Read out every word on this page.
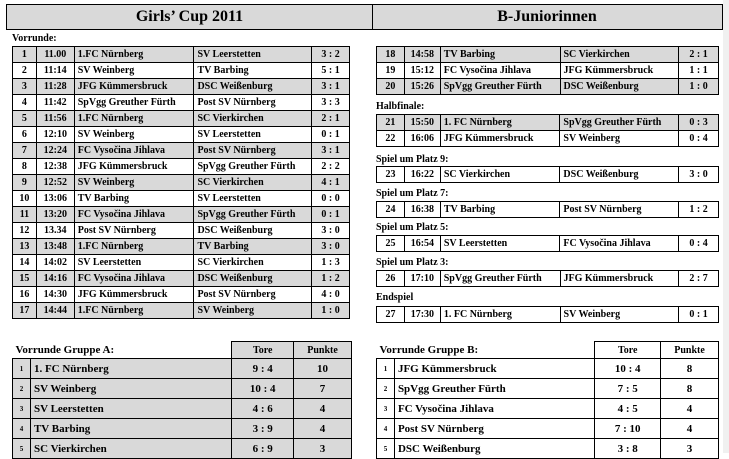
Girls’ Cup 2011	B-Juniorinnen
Vorrunde:
1	11.00	1.FC Nürnberg	SV Leerstetten	3 : 2
2	11:14	SV Weinberg	TV Barbing	5 : 1
3	11:28	JFG Kümmersbruck	DSC Weißenburg	3 : 1
4	11:42	SpVgg Greuther Fürth	Post SV Nürnberg	3 : 3
5	11:56	1.FC Nürnberg	SC Vierkirchen	2 : 1
6	12:10	SV Weinberg	SV Leerstetten	0 : 1
7	12:24	FC Vysočina Jihlava	Post SV Nürnberg	3 : 1
8	12:38	JFG Kümmersbruck	SpVgg Greuther Fürth	2 : 2
9	12:52	SV Weinberg	SC Vierkirchen	4 : 1
10	13:06	TV Barbing	SV Leerstetten	0 : 0
11	13:20	FC Vysočina Jihlava	SpVgg Greuther Fürth	0 : 1
12	13.34	Post SV Nürnberg	DSC Weißenburg	3 : 0
13	13:48	1.FC Nürnberg	TV Barbing	3 : 0
14	14:02	SV Leerstetten	SC Vierkirchen	1 : 3
15	14:16	FC Vysočina Jihlava	DSC Weißenburg	1 : 2
16	14:30	JFG Kümmersbruck	Post SV Nürnberg	4 : 0
17	14:44	1.FC Nürnberg	SV Weinberg	1 : 0
18	14:58	TV Barbing	SC Vierkirchen	2 : 1
19	15:12	FC Vysočina Jihlava	JFG Kümmersbruck	1 : 1
20	15:26	SpVgg Greuther Fürth	DSC Weißenburg	1 : 0
Halbfinale:
21	15:50	1. FC Nürnberg	SpVgg Greuther Fürth	0 : 3
22	16:06	JFG Kümmersbruck	SV Weinberg	0 : 4
Spiel um Platz 9:
23	16:22	SC Vierkirchen	DSC Weißenburg	3 : 0
Spiel um Platz 7:
24	16:38	TV Barbing	Post SV Nürnberg	1 : 2
Spiel um Platz 5:
25	16:54	SV Leerstetten	FC Vysočina Jihlava	0 : 4
Spiel um Platz 3:
26	17:10	SpVgg Greuther Fürth	JFG Kümmersbruck	2 : 7
Endspiel
27	17:30	1. FC Nürnberg	SV Weinberg	0 : 1
Vorrunde Gruppe A:		Tore	Punkte
1	1. FC Nürnberg	9 : 4	10
2	SV Weinberg	10 : 4	7
3	SV Leerstetten	4 : 6	4
4	TV Barbing	3 : 9	4
5	SC Vierkirchen	6 : 9	3
Vorrunde Gruppe B:		Tore	Punkte
1	JFG Kümmersbruck	10 : 4	8
2	SpVgg Greuther Fürth	7 : 5	8
3	FC Vysočina Jihlava	4 : 5	4
4	Post SV Nürnberg	7 : 10	4
5	DSC Weißenburg	3 : 8	3
